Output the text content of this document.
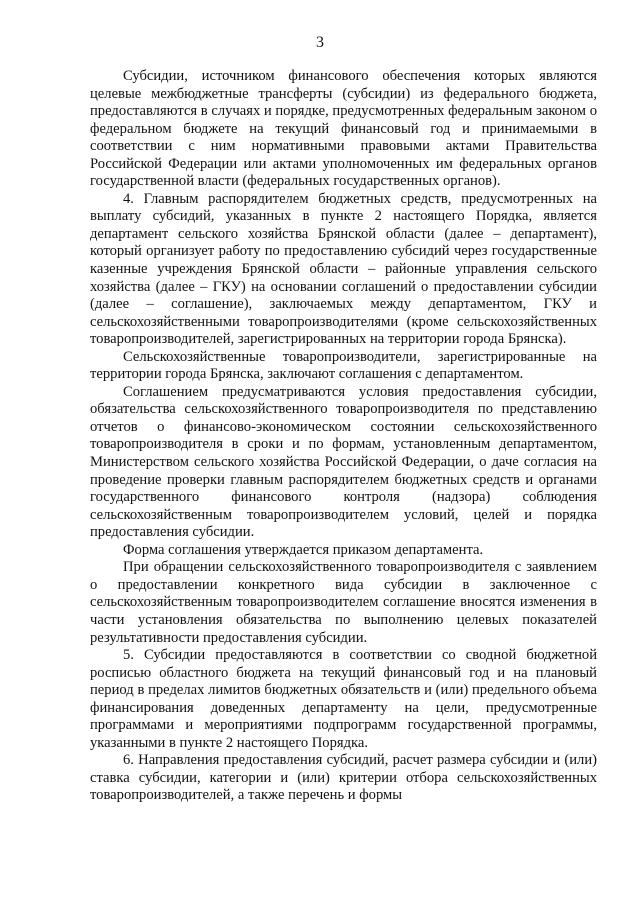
3

Субсидии, источником финансового обеспечения которых являются целевые межбюджетные трансферты (субсидии) из федерального бюджета, предоставляются в случаях и порядке, предусмотренных федеральным законом о федеральном бюджете на текущий финансовый год и принимаемыми в соответствии с ним нормативными правовыми актами Правительства Российской Федерации или актами уполномоченных им федеральных органов государственной власти (федеральных государственных органов).

4. Главным распорядителем бюджетных средств, предусмотренных на выплату субсидий, указанных в пункте 2 настоящего Порядка, является департамент сельского хозяйства Брянской области (далее – департамент), который организует работу по предоставлению субсидий через государственные казенные учреждения Брянской области – районные управления сельского хозяйства (далее – ГКУ) на основании соглашений о предоставлении субсидии (далее – соглашение), заключаемых между департаментом, ГКУ и сельскохозяйственными товаропроизводителями (кроме сельскохозяйственных товаропроизводителей, зарегистрированных на территории города Брянска).

Сельскохозяйственные товаропроизводители, зарегистрированные на территории города Брянска, заключают соглашения с департаментом.

Соглашением предусматриваются условия предоставления субсидии, обязательства сельскохозяйственного товаропроизводителя по представлению отчетов о финансово-экономическом состоянии сельскохозяйственного товаропроизводителя в сроки и по формам, установленным департаментом, Министерством сельского хозяйства Российской Федерации, о даче согласия на проведение проверки главным распорядителем бюджетных средств и органами государственного финансового контроля (надзора) соблюдения сельскохозяйственным товаропроизводителем условий, целей и порядка предоставления субсидии.

Форма соглашения утверждается приказом департамента.

При обращении сельскохозяйственного товаропроизводителя с заявлением о предоставлении конкретного вида субсидии в заключенное с сельскохозяйственным товаропроизводителем соглашение вносятся изменения в части установления обязательства по выполнению целевых показателей результативности предоставления субсидии.

5. Субсидии предоставляются в соответствии со сводной бюджетной росписью областного бюджета на текущий финансовый год и на плановый период в пределах лимитов бюджетных обязательств и (или) предельного объема финансирования доведенных департаменту на цели, предусмотренные программами и мероприятиями подпрограмм государственной программы, указанными в пункте 2 настоящего Порядка.

6. Направления предоставления субсидий, расчет размера субсидии и (или) ставка субсидии, категории и (или) критерии отбора сельскохозяйственных товаропроизводителей, а также перечень и формы
